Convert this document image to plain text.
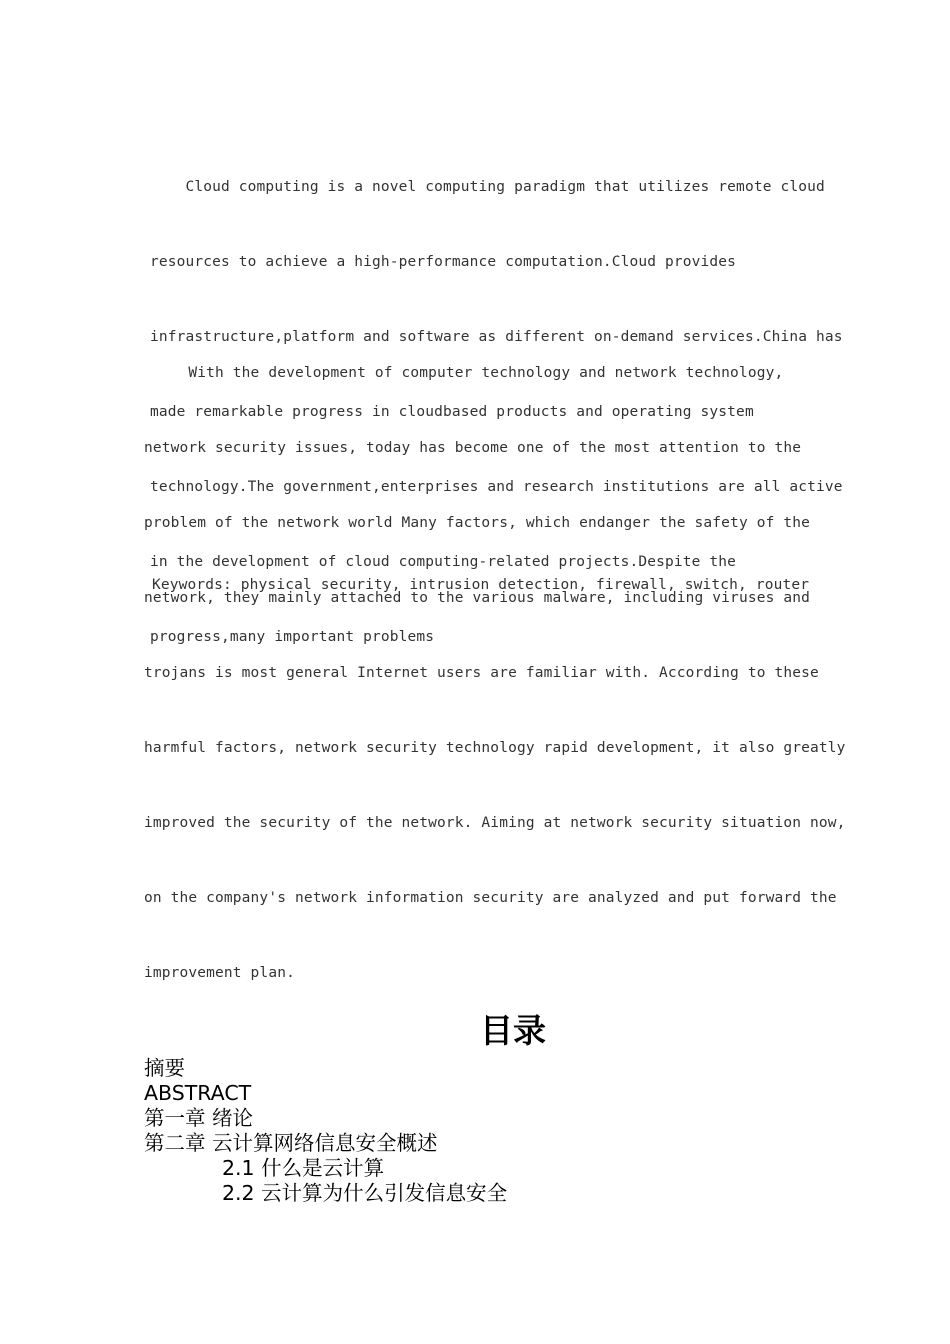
Cloud computing is a novel computing paradigm that utilizes remote cloud

resources to achieve a high-performance computation.Cloud provides

infrastructure,platform and software as different on-demand services.China has

made remarkable progress in cloudbased products and operating system

technology.The government,enterprises and research institutions are all active

in the development of cloud computing-related projects.Despite the

progress,many important problems

With the development of computer technology and network technology,

network security issues, today has become one of the most attention to the

problem of the network world Many factors, which endanger the safety of the

network, they mainly attached to the various malware, including viruses and

trojans is most general Internet users are familiar with. According to these

harmful factors, network security technology rapid development, it also greatly

improved the security of the network. Aiming at network security situation now,

on the company's network information security are analyzed and put forward the

improvement plan.

Keywords: physical security, intrusion detection, firewall, switch, router
目录
摘要
ABSTRACT
第一章 绪论
第二章 云计算网络信息安全概述
2.1 什么是云计算
2.2 云计算为什么引发信息安全
